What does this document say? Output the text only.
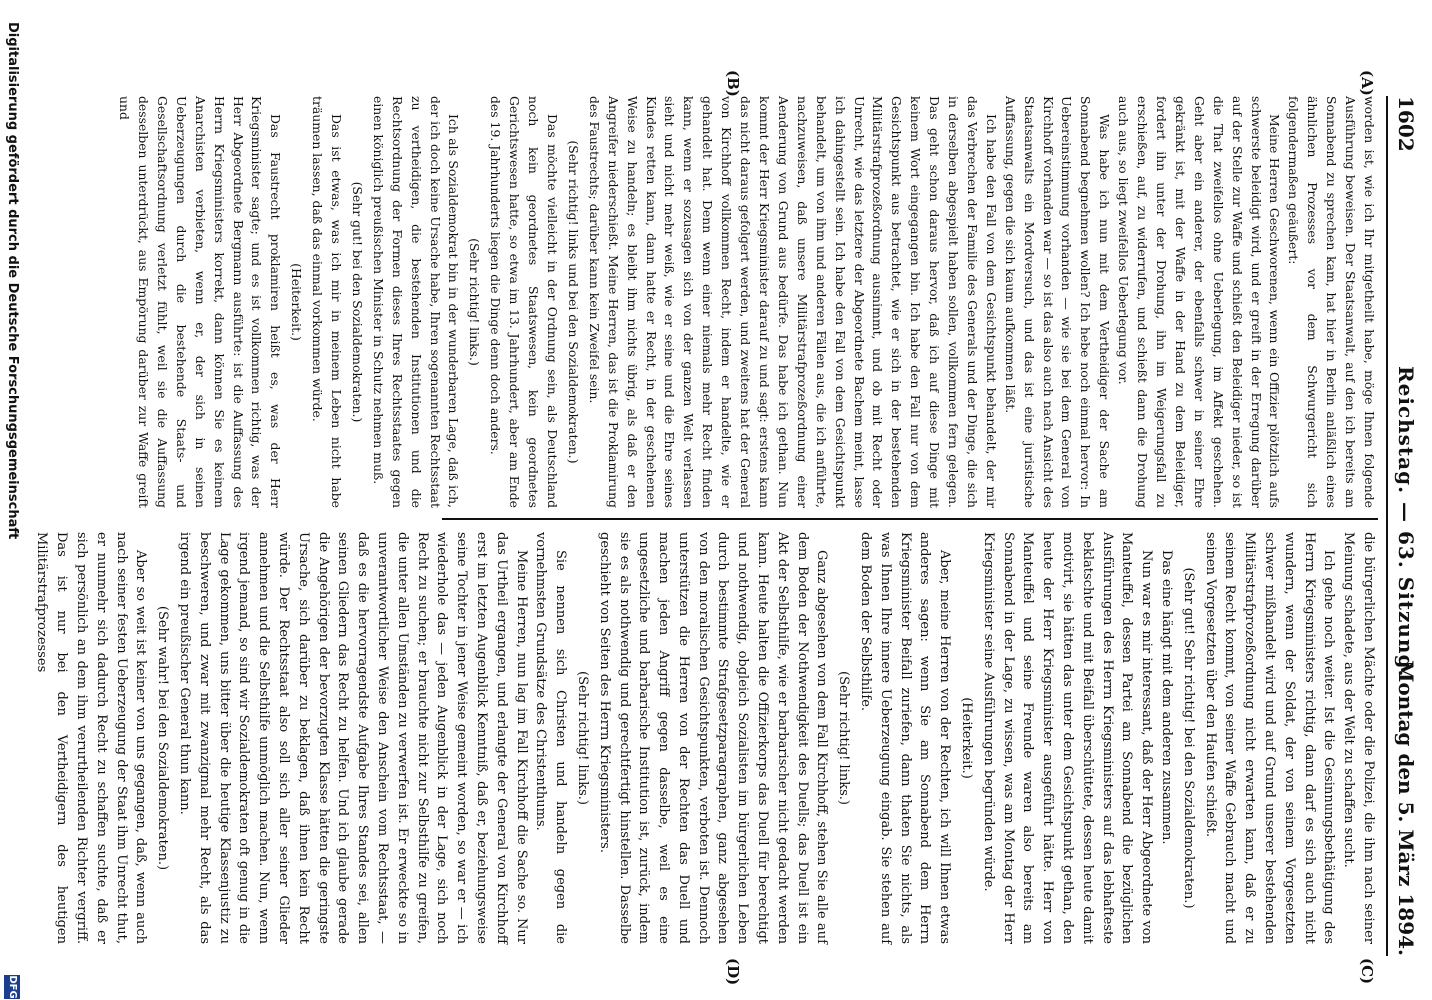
1602
Reichstag. — 63. Sitzung.
Montag den 5. März 1894.
(A)
(B)
(C)
(D)

worden ist, wie ich Ihr mitgetheilt habe, möge Ihnen folgende Ausführung beweisen. Der Staatsanwalt, auf den ich bereits am Sonnabend zu sprechen kam, hat hier in Berlin anläßlich eines ähnlichen Prozesses vor dem Schwurgericht sich folgendermaßen geäußert:

Meine Herren Geschworenen, wenn ein Offizier plötzlich aufs schwerste beleidigt wird, und er greift in der Erregung darüber auf der Stelle zur Waffe und schießt den Beleidiger nieder, so ist die That zweifellos ohne Ueberlegung, im Affekt geschehen. Geht aber ein anderer, der ebenfalls schwer in seiner Ehre gekränkt ist, mit der Waffe in der Hand zu dem Beleidiger, fordert ihn unter der Drohung, ihn im Weigerungsfall zu erschießen, auf, zu widerrufen, und schießt dann die Drohung auch aus, so liegt zweifellos Ueberlegung vor.

Was habe ich nun mit dem Vertheidiger der Sache am Sonnabend begnehmen wollen? Ich hebe noch einmal hervor: In Uebereinstimmung vorhanden — wie sie bei dem General von Kirchhoff vorhanden war — so ist das also auch nach Ansicht des Staatsanwalts ein Mordversuch, und das ist eine juristische Auffassung, gegen die sich kaum aufkommen läßt.

Ich habe den Fall von dem Gesichtspunkt behandelt, der mir das Verbrechen der Familie des Generals und der Dinge, die sich in derselben abgespielt haben sollen, vollkommen fern gelegen. Das geht schon daraus hervor, daß ich auf diese Dinge mit keinem Wort eingegangen bin. Ich habe den Fall nur von dem Gesichtspunkt aus betrachtet, wie er sich in der bestehenden Militärstrafprozeßordnung ausnimmt, und ob mit Recht oder Unrecht, wie das letztere der Abgeordnete Bachem meint, lasse ich dahingestellt sein. Ich habe den Fall von dem Gesichtspunkt behandelt, um von ihm und anderen Fällen aus, die ich anführte, nachzuweisen, daß unsere Militärstrafprozeßordnung einer Aenderung von Grund aus bedürfe. Das habe ich gethan. Nun kommt der Herr Kriegsminister darauf zu und sagt: erstens kann das nicht daraus gefolgert werden, und zweitens hat der General von Kirchhoff vollkommen Recht, indem er handelte, wie er gehandelt hat. Denn wenn einer niemals mehr Recht finden kann, wenn er sozusagen sich von der ganzen Welt verlassen sieht und nicht mehr weiß, wie er seine und die Ehre seines Kindes retten kann, dann hatte er Recht, in der geschehenen Weise zu handeln; es bleibt ihm nichts übrig, als daß er den Angreifer niederschießt. Meine Herren, das ist die Proklamirung des Faustrechts; darüber kann kein Zweifel sein.

(Sehr richtig! links und bei den Sozialdemokraten.)

Das möchte vielleicht in der Ordnung sein, als Deutschland noch kein geordnetes Staatswesen, kein geordnetes Gerichtswesen hatte, so etwa im 13. Jahrhundert, aber am Ende des 19. Jahrhunderts liegen die Dinge denn doch anders.

(Sehr richtig! links.)

Ich als Sozialdemokrat bin in der wunderbaren Lage, daß ich, der ich doch keine Ursache habe, Ihren sogenannten Rechtsstaat zu vertheidigen, die bestehenden Institutionen und die Rechtsordnung der Formen dieses Ihres Rechtsstaates gegen einen königlich preußischen Minister in Schutz nehmen muß.

(Sehr gut! bei den Sozialdemokraten.)

Das ist etwas, was ich mir in meinem Leben nicht habe träumen lassen, daß das einmal vorkommen würde.

(Heiterkeit.)

Das Faustrecht proklamiren heißt es, was der Herr Kriegsminister sagte; und es ist vollkommen richtig, was der Herr Abgeordnete Bergmann ausführte: ist die Auffassung des Herrn Kriegsministers korrekt, dann können Sie es keinem Anarchisten verbieten, wenn er, der sich in seinen Ueberzeugungen durch die bestehende Staats- und Gesellschaftsordnung verletzt fühlt, weil sie die Auffassung desselben unterdrückt, aus Empörung darüber zur Waffe greift und

die bürgerlichen Mächte oder die Polizei, die ihm nach seiner Meinung schadete, aus der Welt zu schaffen sucht.

Ich gehe noch weiter. Ist die Gesinnungsbethätigung des Herrn Kriegsministers richtig, dann darf es sich auch nicht wundern, wenn der Soldat, der von seinem Vorgesetzten schwer mißhandelt wird und auf Grund unserer bestehenden Militärstrafprozeßordnung nicht erwarten kann, daß er zu seinem Recht kommt, von seiner Waffe Gebrauch macht und seinen Vorgesetzten über den Haufen schießt.

(Sehr gut! Sehr richtig! bei den Sozialdemokraten.)

Das eine hängt mit dem anderen zusammen.

Nun war es mir interessant, daß der Herr Abgeordnete von Manteuffel, dessen Partei am Sonnabend die bezüglichen Ausführungen des Herrn Kriegsministers auf das lebhafteste beklatschte und mit Beifall überschüttete, dessen heute damit motivirt, sie hätten das unter dem Gesichtspunkt gethan, den heute der Herr Kriegsminister ausgeführt hätte. Herr von Manteuffel und seine Freunde waren also bereits am Sonnabend in der Lage, zu wissen, was am Montag der Herr Kriegsminister seine Ausführungen begründen würde.

(Heiterkeit.)

Aber, meine Herren von der Rechten, ich will Ihnen etwas anderes sagen: wenn Sie am Sonnabend dem Herrn Kriegsminister Beifall zuriefen, dann thaten Sie nichts, als was Ihnen Ihre innere Ueberzeugung eingab. Sie stehen auf dem Boden der Selbsthilfe.

(Sehr richtig! links.)

Ganz abgesehen von dem Fall Kirchhoff, stehen Sie alle auf dem Boden der Nothwendigkeit des Duells; das Duell ist ein Akt der Selbsthilfe, wie er barbarischer nicht gedacht werden kann. Heute halten die Offizierkorps das Duell für berechtigt und nothwendig, obgleich Sozialisten im bürgerlichen Leben durch bestimmte Strafgesetzparagraphen, ganz abgesehen von den moralischen Gesichtspunkten, verboten ist. Dennoch unterstützen die Herren von der Rechten das Duell und machen jeden Angriff gegen dasselbe, weil es eine ungesetzliche und barbarische Institution ist, zurück, indem sie es als nothwendig und gerechtfertigt hinstellen. Dasselbe geschieht von Seiten des Herrn Kriegsministers.

(Sehr richtig! links.)

Sie nennen sich Christen und handeln gegen die vornehmsten Grundsätze des Christenthums.

Meine Herren, nun lag im Fall Kirchhoff die Sache so. Nur das Urtheil ergangen, und erlangte der General von Kirchhoff erst im letzten Augenblick Kenntniß, daß er, beziehungsweise seine Tochter in jener Weise gemeint worden, so war er — ich wiederhole das — jeden Augenblick in der Lage, sich noch Recht zu suchen; er brauchte nicht zur Selbsthilfe zu greifen, die unter allen Umständen zu verwerfen ist. Er erweckte so in unverantwortlicher Weise den Anschein vom Rechtsstaat, — daß es die hervorragendste Aufgabe Ihres Standes sei, allen seinen Gliedern das Recht zu helfen. Und ich glaube gerade die Angehörigen der bevorzugten Klasse hätten die geringste Ursache, sich darüber zu beklagen, daß ihnen kein Recht würde. Der Rechtsstaat also soll sich aller seiner Glieder annehmen und die Selbsthilfe unmöglich machen. Nun, wenn irgend jemand, so sind wir Sozialdemokraten oft genug in die Lage gekommen, uns bitter über die heutige Klassenjustiz zu beschweren, und zwar mit zwanzigmal mehr Recht, als das irgend ein preußischer General thun kann.

(Sehr wahr! bei den Sozialdemokraten.)

Aber so weit ist keiner von uns gegangen, daß, wenn auch nach seiner festen Ueberzeugung der Staat ihm Unrecht thut, er nunmehr sich dadurch Recht zu schaffen suchte, daß er sich persönlich an dem ihm verurtheilenden Richter vergriff. Das ist nur bei den Vertheidigern des heutigen Militärstrafprozesses

Digitalisierung gefördert durch die Deutsche Forschungsgemeinschaft
DFG
